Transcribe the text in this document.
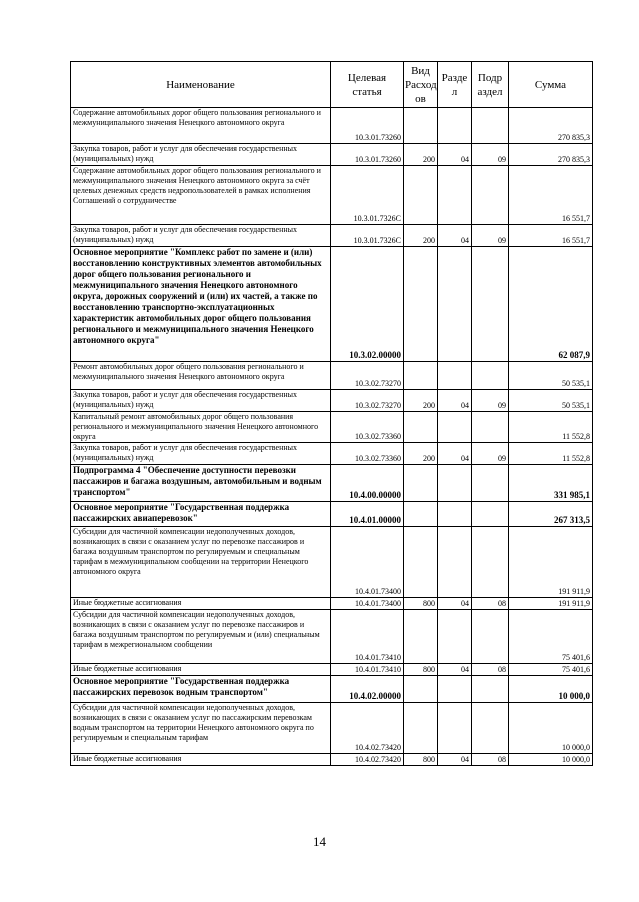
Наименование	Целевая статья	Вид Расход ов	Разде л	Подр аздел	Сумма
Содержание автомобильных дорог общего пользования регионального и межмуниципального значения Ненецкого автономного округа	10.3.01.73260				270 835,3
Закупка товаров, работ и услуг для обеспечения государственных (муниципальных) нужд	10.3.01.73260	200	04	09	270 835,3
Содержание автомобильных дорог общего пользования регионального и межмуниципального значения Ненецкого автономного округа за счёт целевых денежных средств недропользователей в рамках исполнения Соглашений о сотрудничестве	10.3.01.7326С				16 551,7
Закупка товаров, работ и услуг для обеспечения государственных (муниципальных) нужд	10.3.01.7326С	200	04	09	16 551,7
Основное мероприятие "Комплекс работ по замене и (или) восстановлению конструктивных элементов автомобильных дорог общего пользования регионального и межмуниципального значения Ненецкого автономного округа, дорожных сооружений и (или) их частей, а также по восстановлению транспортно-эксплуатационных характеристик автомобильных дорог общего пользования регионального и межмуниципального значения Ненецкого автономного округа"	10.3.02.00000				62 087,9
Ремонт автомобильных дорог общего пользования регионального и межмуниципального значения Ненецкого автономного округа	10.3.02.73270				50 535,1
Закупка товаров, работ и услуг для обеспечения государственных (муниципальных) нужд	10.3.02.73270	200	04	09	50 535,1
Капитальный ремонт автомобильных дорог общего пользования регионального и межмуниципального значения Ненецкого автономного округа	10.3.02.73360				11 552,8
Закупка товаров, работ и услуг для обеспечения государственных (муниципальных) нужд	10.3.02.73360	200	04	09	11 552,8
Подпрограмма 4 "Обеспечение доступности перевозки пассажиров и багажа воздушным, автомобильным и водным транспортом"	10.4.00.00000				331 985,1
Основное мероприятие "Государственная поддержка пассажирских авиаперевозок"	10.4.01.00000				267 313,5
Субсидии для частичной компенсации недополученных доходов, возникающих в связи с оказанием услуг по перевозке пассажиров и багажа воздушным транспортом по регулируемым и специальным тарифам в межмуниципальном сообщении на территории Ненецкого автономного округа	10.4.01.73400				191 911,9
Иные бюджетные ассигнования	10.4.01.73400	800	04	08	191 911,9
Субсидии для частичной компенсации недополученных доходов, возникающих в связи с оказанием услуг по перевозке пассажиров и багажа воздушным транспортом по регулируемым и (или) специальным тарифам в межрегиональном сообщении	10.4.01.73410				75 401,6
Иные бюджетные ассигнования	10.4.01.73410	800	04	08	75 401,6
Основное мероприятие "Государственная поддержка пассажирских перевозок водным транспортом"	10.4.02.00000				10 000,0
Субсидии для частичной компенсации недополученных доходов, возникающих в связи с оказанием услуг по пассажирским перевозкам водным транспортом на территории Ненецкого автономного округа по регулируемым и специальным тарифам	10.4.02.73420				10 000,0
Иные бюджетные ассигнования	10.4.02.73420	800	04	08	10 000,0
14
